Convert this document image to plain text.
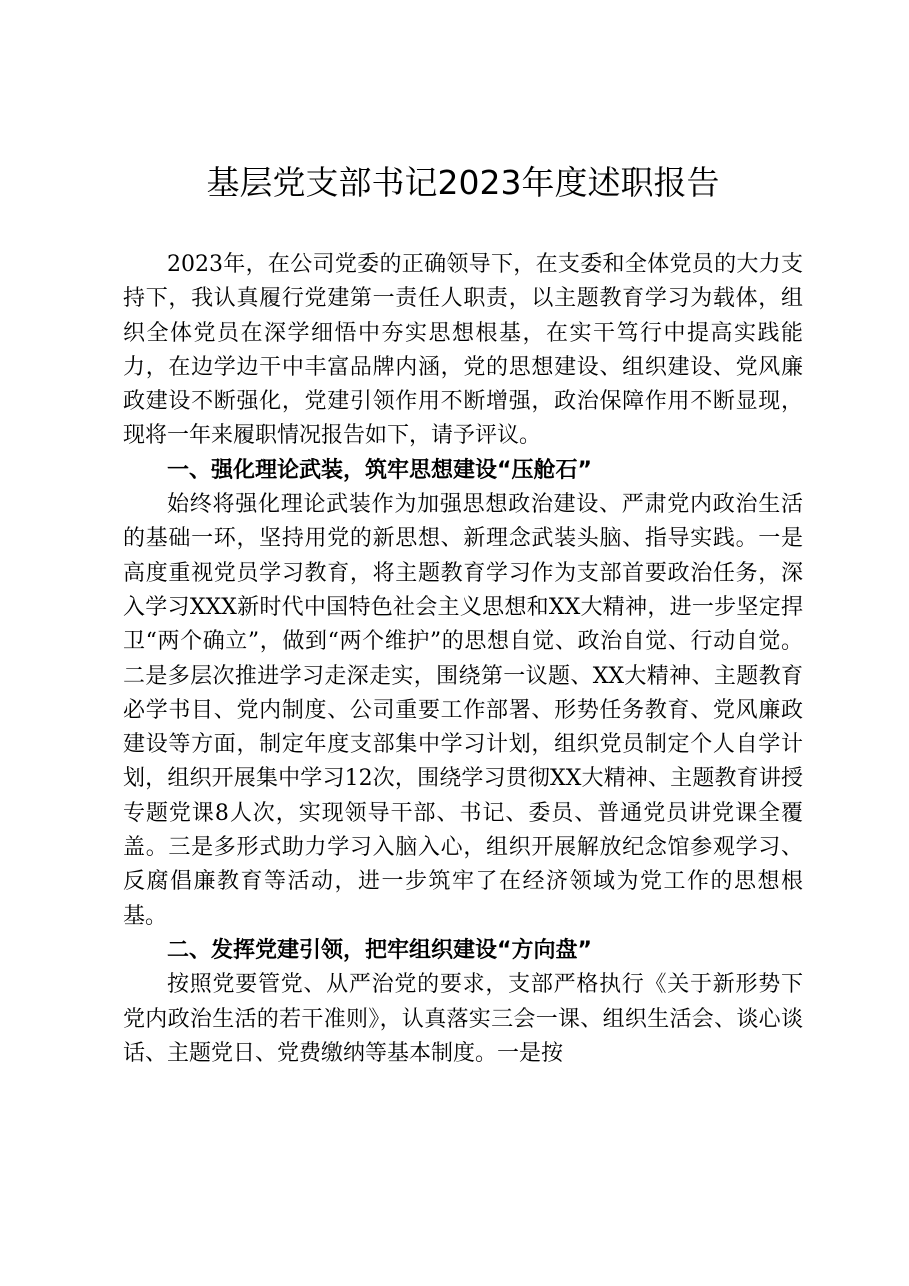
基层党支部书记2023年度述职报告

2023年，在公司党委的正确领导下，在支委和全体党员的大力支持下，我认真履行党建第一责任人职责，以主题教育学习为载体，组织全体党员在深学细悟中夯实思想根基，在实干笃行中提高实践能力，在边学边干中丰富品牌内涵，党的思想建设、组织建设、党风廉政建设不断强化，党建引领作用不断增强，政治保障作用不断显现，现将一年来履职情况报告如下，请予评议。

一、强化理论武装，筑牢思想建设“压舱石”

始终将强化理论武装作为加强思想政治建设、严肃党内政治生活的基础一环，坚持用党的新思想、新理念武装头脑、指导实践。一是高度重视党员学习教育，将主题教育学习作为支部首要政治任务，深入学习XXX新时代中国特色社会主义思想和XX大精神，进一步坚定捍卫“两个确立”，做到“两个维护”的思想自觉、政治自觉、行动自觉。二是多层次推进学习走深走实，围绕第一议题、XX大精神、主题教育必学书目、党内制度、公司重要工作部署、形势任务教育、党风廉政建设等方面，制定年度支部集中学习计划，组织党员制定个人自学计划，组织开展集中学习12次，围绕学习贯彻XX大精神、主题教育讲授专题党课8人次，实现领导干部、书记、委员、普通党员讲党课全覆盖。三是多形式助力学习入脑入心，组织开展解放纪念馆参观学习、反腐倡廉教育等活动，进一步筑牢了在经济领域为党工作的思想根基。

二、发挥党建引领，把牢组织建设“方向盘”

按照党要管党、从严治党的要求，支部严格执行《关于新形势下党内政治生活的若干准则》，认真落实三会一课、组织生活会、谈心谈话、主题党日、党费缴纳等基本制度。一是按
